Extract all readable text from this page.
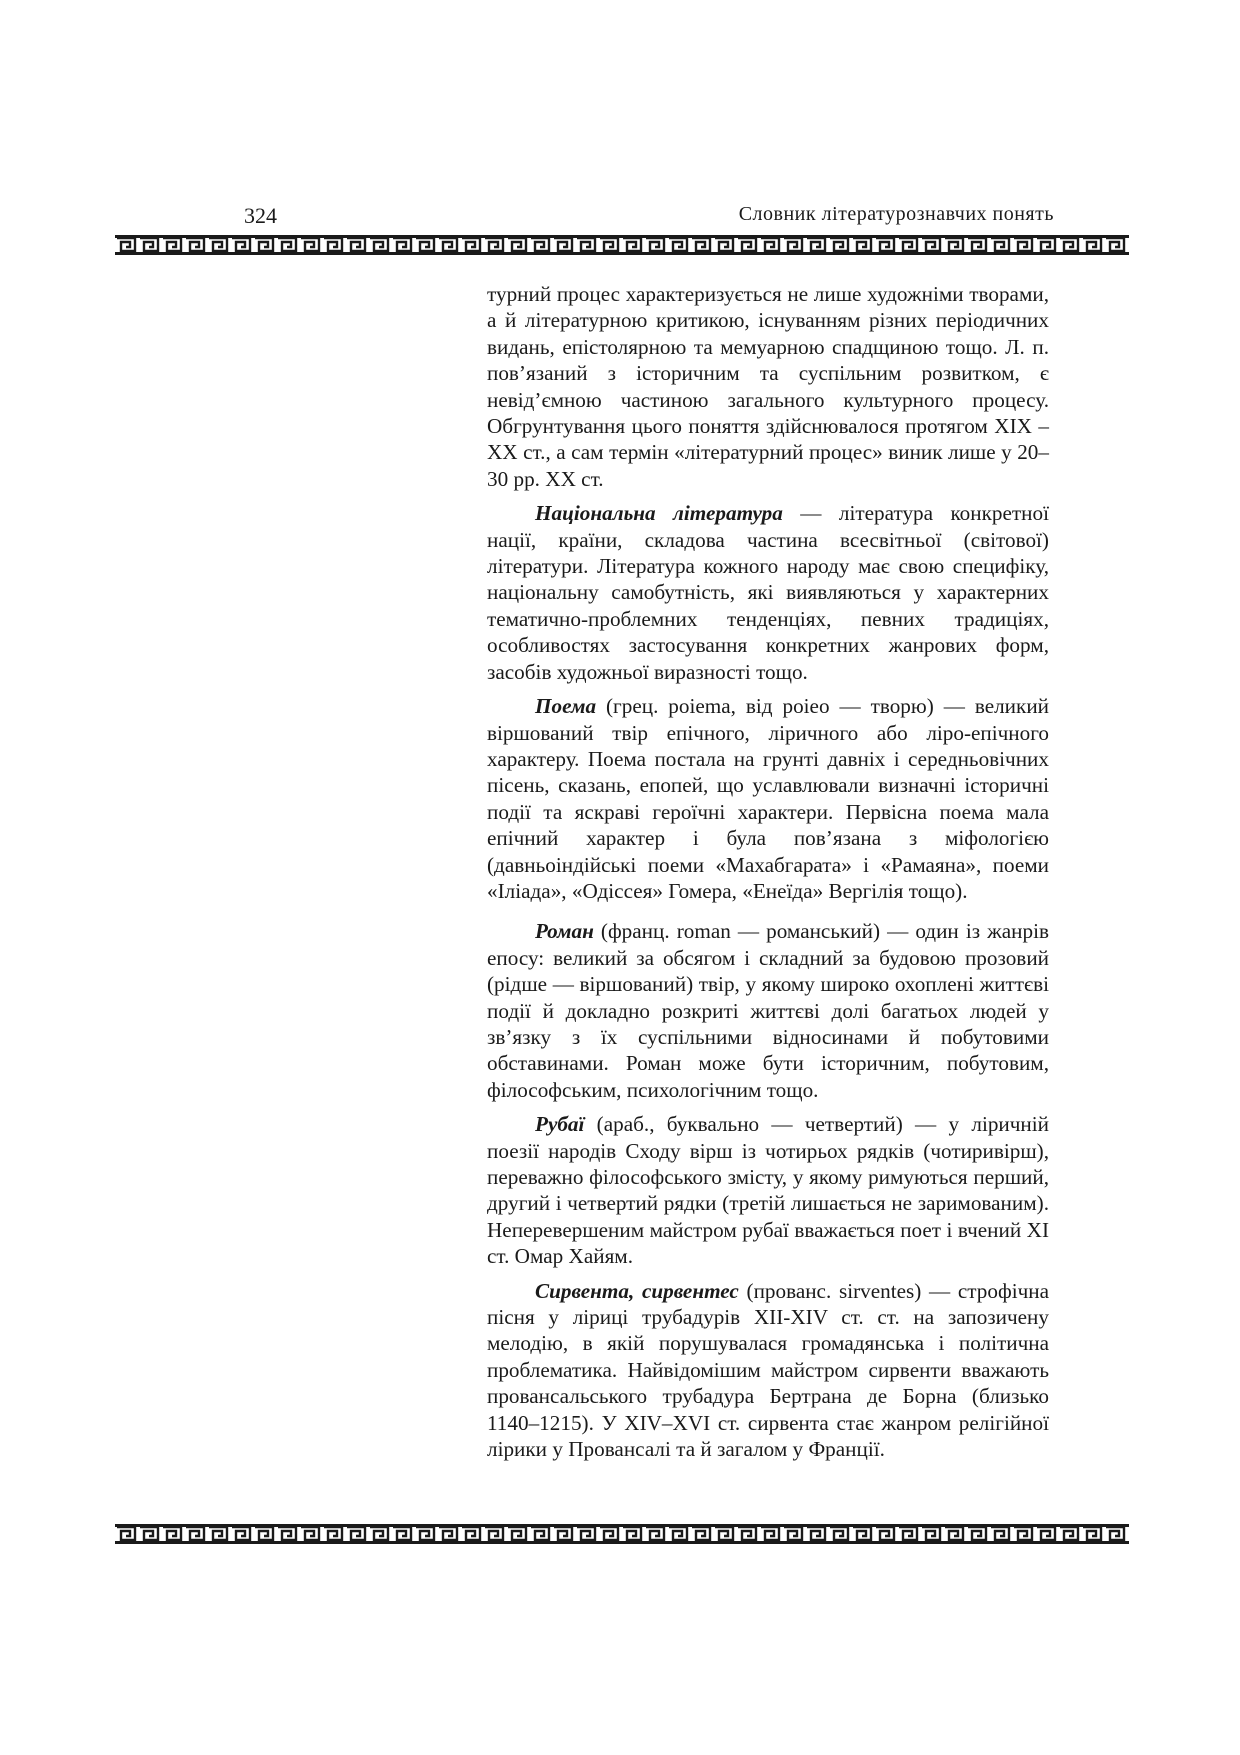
324	Словник літературознавчих понять

турний процес характеризується не лише художніми творами, а й літературною критикою, існуванням різних періодичних видань, епістолярною та мемуарною спадщиною тощо. Л. п. пов’язаний з історичним та суспільним розвитком, є невід’ємною частиною загального культурного процесу. Обгрунтування цього поняття здійснювалося протягом XIX – XX ст., а сам термін «літературний процес» виник лише у 20–30 рр. XX ст.

Національна література — література конкретної нації, країни, складова частина всесвітньої (світової) літератури. Література кожного народу має свою специфіку, національну самобутність, які виявляються у характерних тематично-проблемних тенденціях, певних традиціях, особливостях застосування конкретних жанрових форм, засобів художньої виразності тощо.

Поема (грец. poiema, від poieo — творю) — великий віршований твір епічного, ліричного або ліро-епічного характеру. Поема постала на грунті давніх і середньовічних пісень, сказань, епопей, що уславлювали визначні історичні події та яскраві героїчні характери. Первісна поема мала епічний характер і була пов’язана з міфологією (давньоіндійські поеми «Махабгарата» і «Рамаяна», поеми «Іліада», «Одіссея» Гомера, «Енеїда» Вергілія тощо).

Роман (франц. roman — романський) — один із жанрів епосу: великий за обсягом і складний за будовою прозовий (рідше — віршований) твір, у якому широко охоплені життєві події й докладно розкриті життєві долі багатьох людей у зв’язку з їх суспільними відносинами й побутовими обставинами. Роман може бути історичним, побутовим, філософським, психологічним тощо.

Рубаї (араб., буквально — четвертий) — у ліричній поезії народів Сходу вірш із чотирьох рядків (чотиривірш), переважно філософського змісту, у якому римуються перший, другий і четвертий рядки (третій лишається не заримованим). Неперевершеним майстром рубаї вважається поет і вчений XI ст. Омар Хайям.

Сирвента, сирвентес (прованс. sirventes) — строфічна пісня у ліриці трубадурів XII-XIV ст. ст. на запозичену мелодію, в якій порушувалася громадянська і політична проблематика. Найвідомішим майстром сирвенти вважають провансальського трубадура Бертрана де Борна (близько 1140–1215). У XIV–XVI ст. сирвента стає жанром релігійної лірики у Провансалі та й загалом у Франції.
